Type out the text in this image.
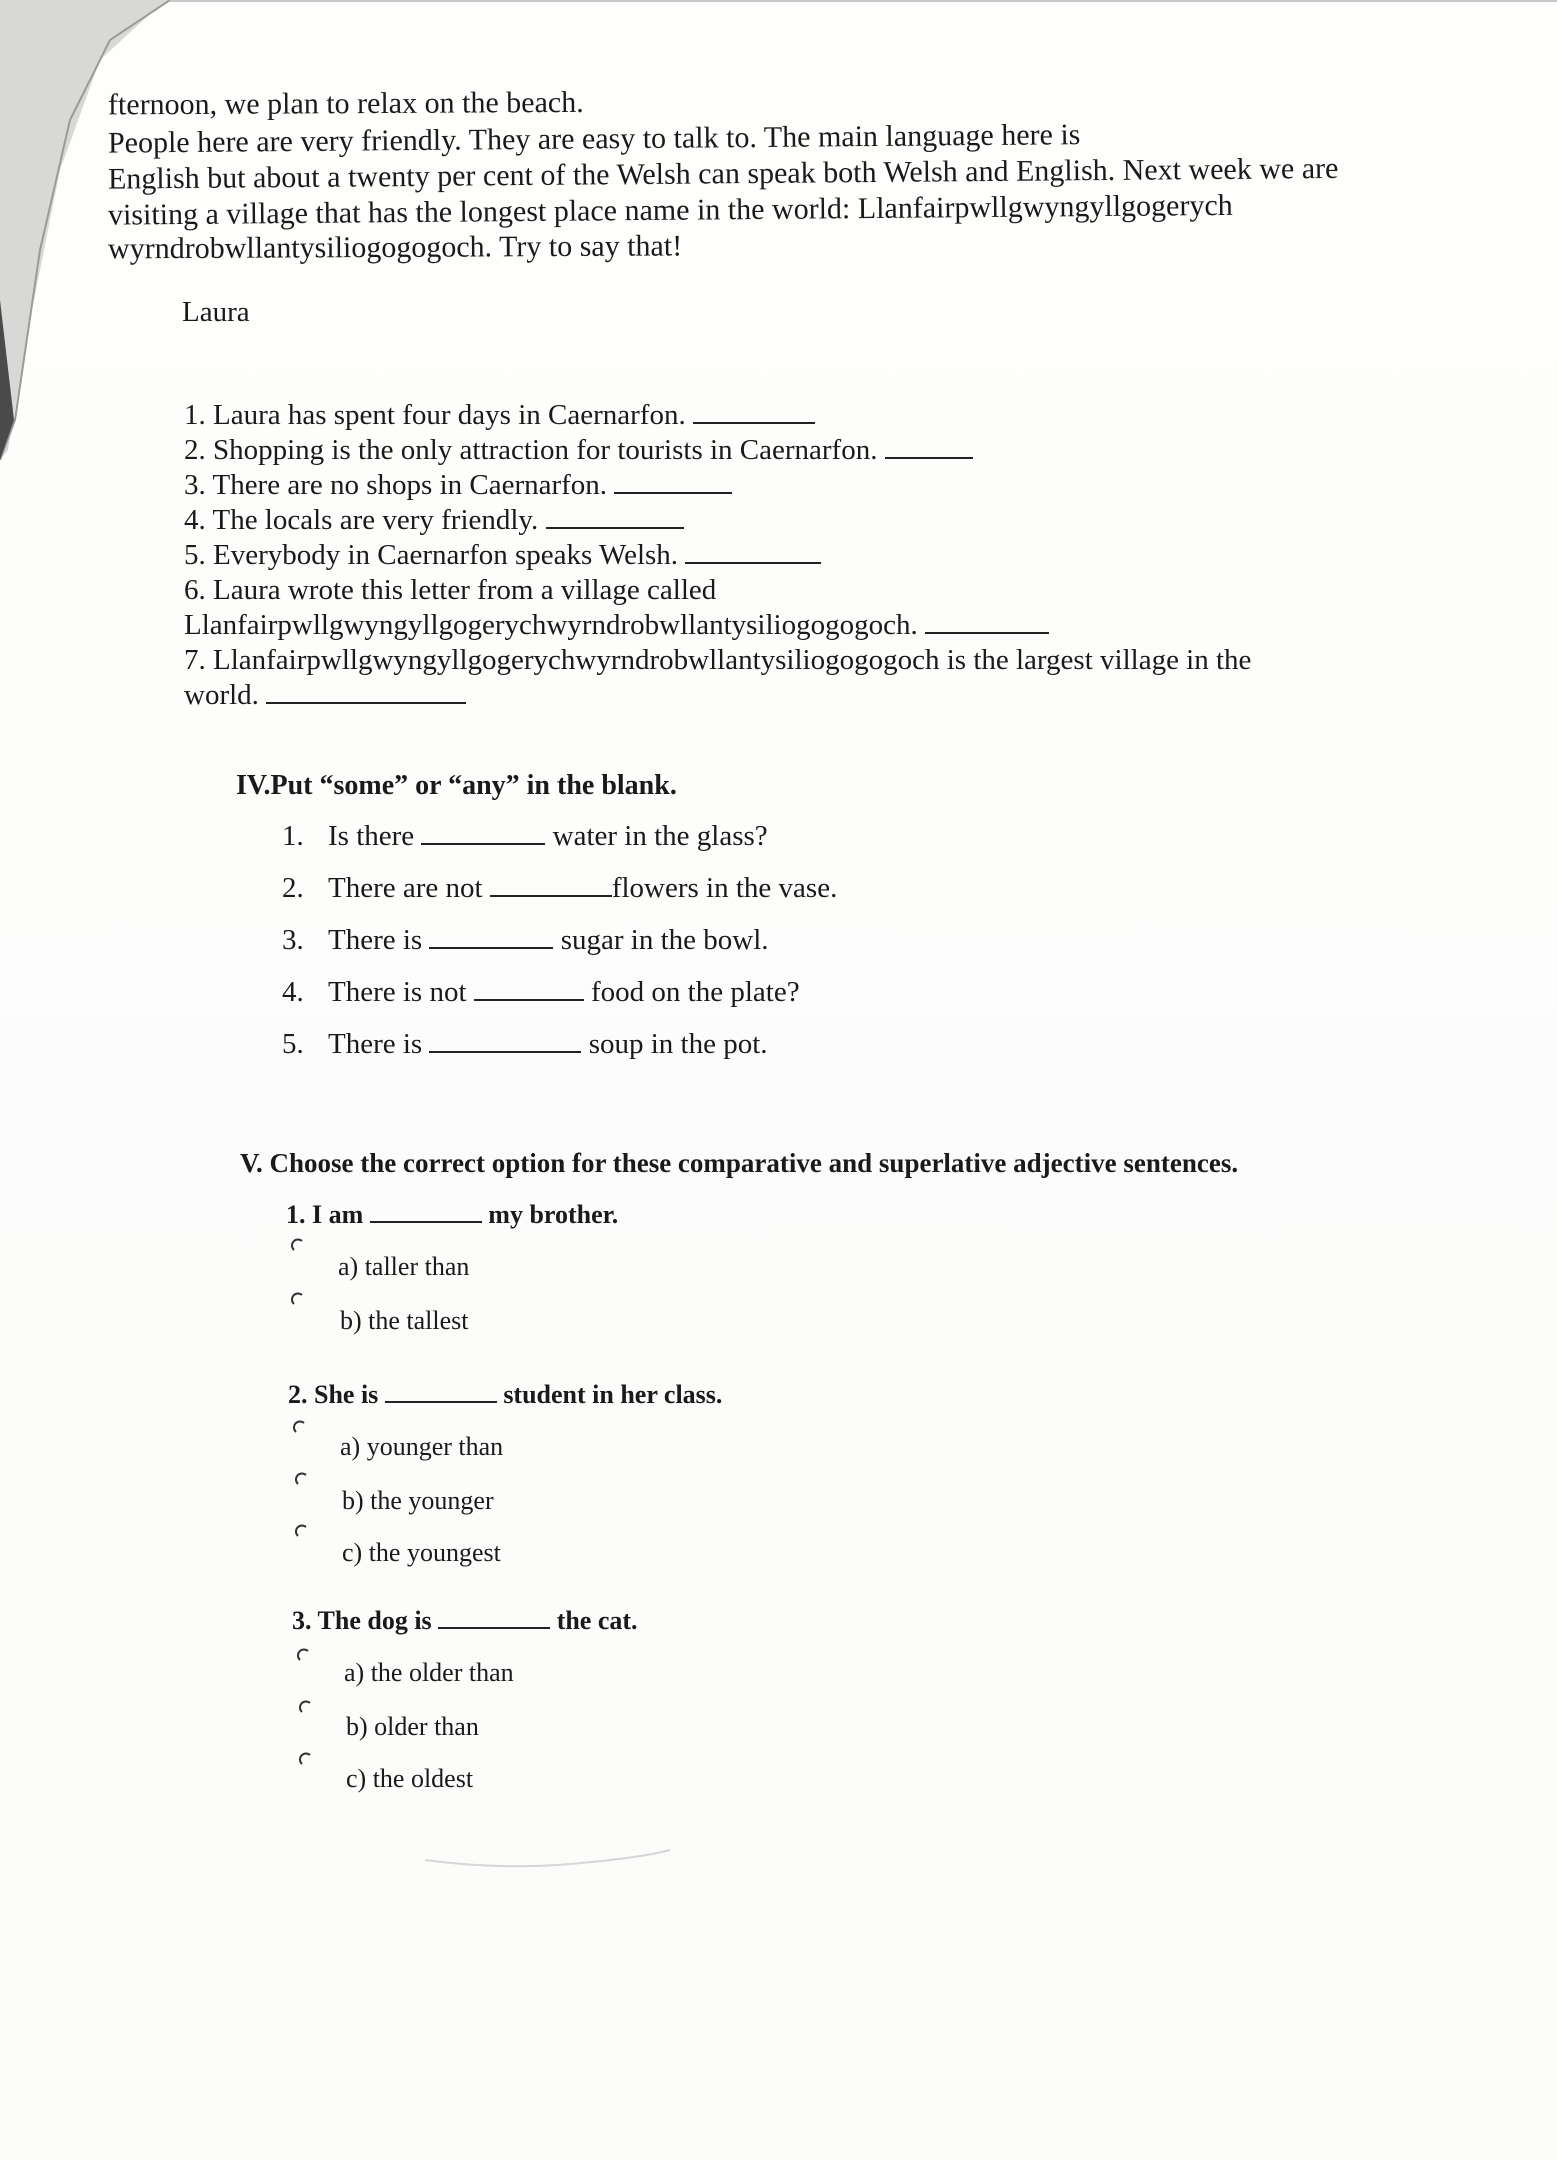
fternoon, we plan to relax on the beach.
People here are very friendly. They are easy to talk to. The main language here is
English but about a twenty per cent of the Welsh can speak both Welsh and English. Next week we are
visiting a village that has the longest place name in the world: Llanfairpwllgwyngyllgogerych
wyrndrobwllantysiliogogogoch. Try to say that!
Laura
1. Laura has spent four days in Caernarfon.
2. Shopping is the only attraction for tourists in Caernarfon.
3. There are no shops in Caernarfon.
4. The locals are very friendly.
5. Everybody in Caernarfon speaks Welsh.
6. Laura wrote this letter from a village called
Llanfairpwllgwyngyllgogerychwyrndrobwllantysiliogogogoch.
7. Llanfairpwllgwyngyllgogerychwyrndrobwllantysiliogogogoch is the largest village in the
world.
IV.Put “some” or “any” in the blank.
1. Is there	water in the glass?
2. There are not	flowers in the vase.
3. There is	sugar in the bowl.
4. There is not	food on the plate?
5. There is	soup in the pot.
V. Choose the correct option for these comparative and superlative adjective sentences.
1. I am	my brother.
a) taller than
b) the tallest
2. She is	student in her class.
a) younger than
b) the younger
c) the youngest
3. The dog is	the cat.
a) the older than
b) older than
c) the oldest
